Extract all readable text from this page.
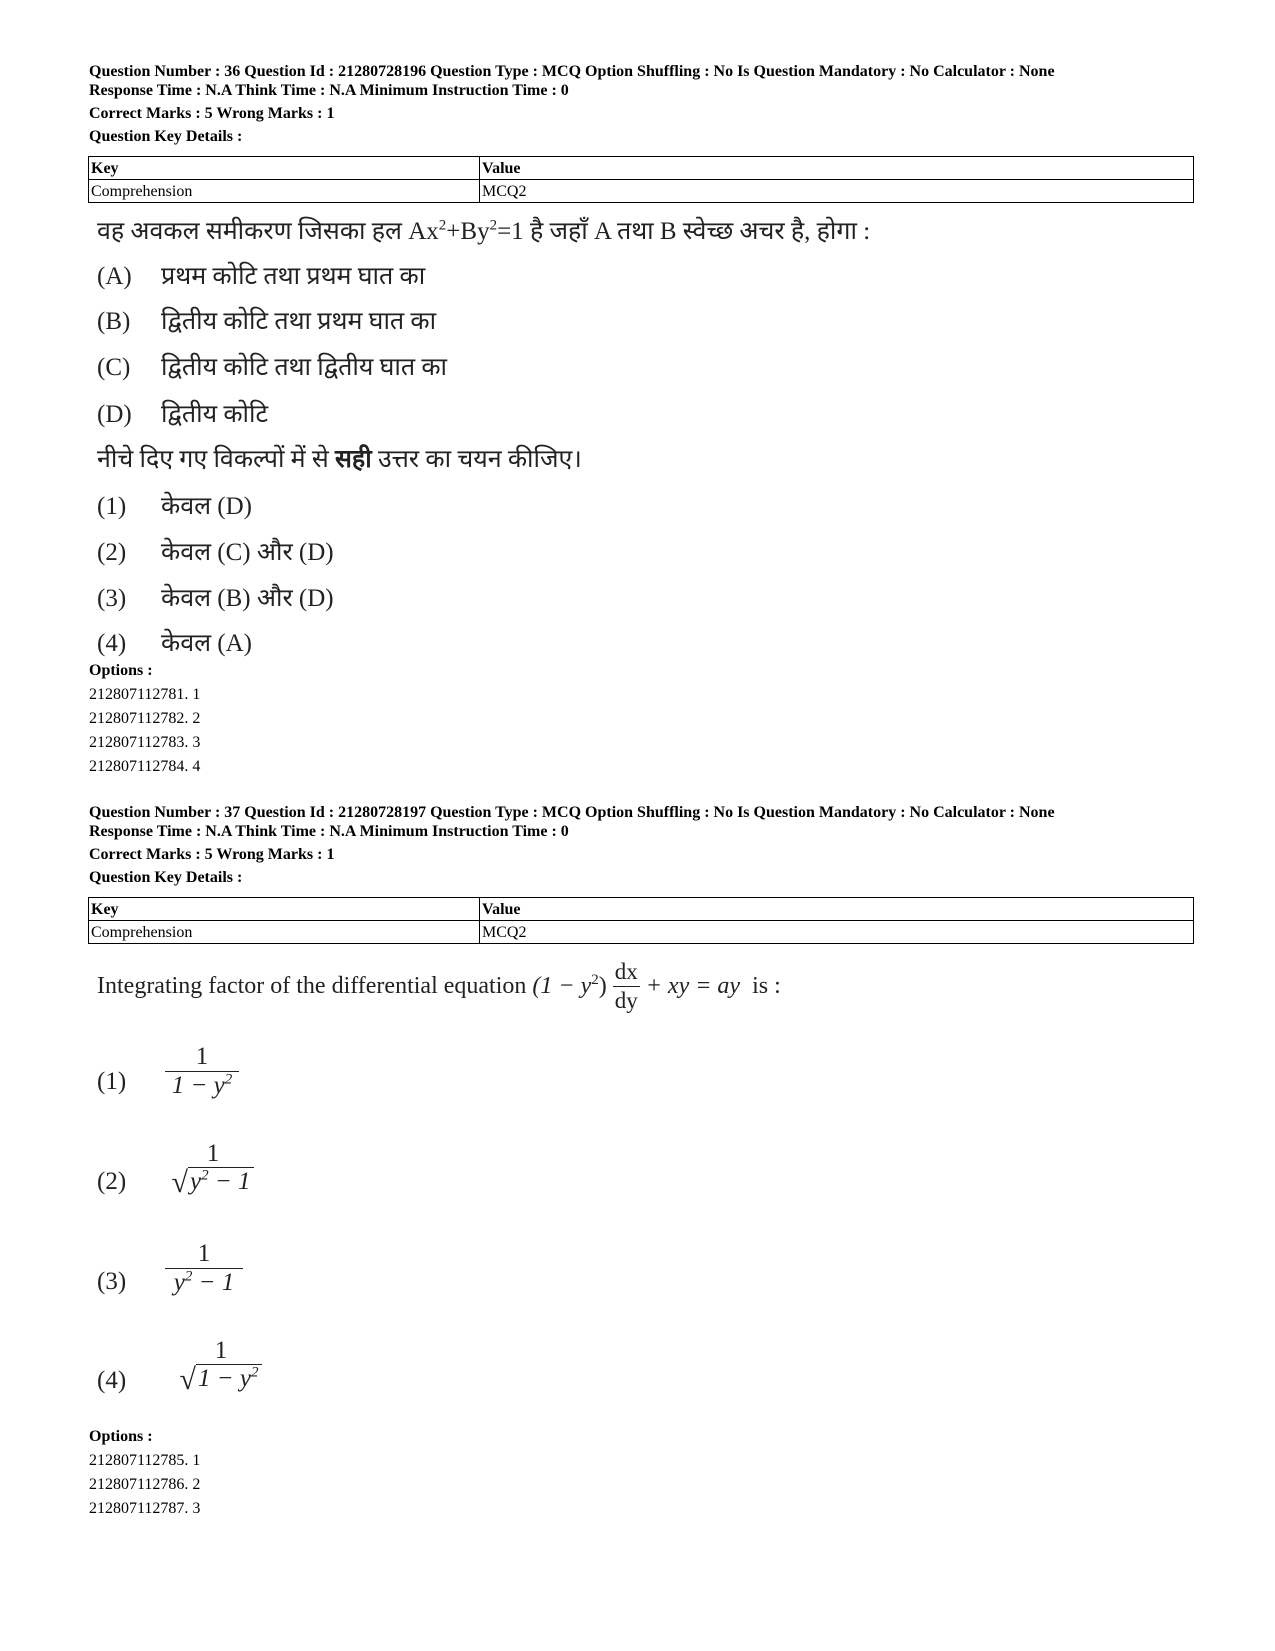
Question Number : 36 Question Id : 21280728196 Question Type : MCQ Option Shuffling : No Is Question Mandatory : No Calculator : None
Response Time : N.A Think Time : N.A Minimum Instruction Time : 0
Correct Marks : 5 Wrong Marks : 1
Question Key Details :
Key	Value
Comprehension	MCQ2
वह अवकल समीकरण जिसका हल $Ax^2+By^2=1$ है जहाँ A तथा B स्वेच्छ अचर है, होगा :
(A) प्रथम कोटि तथा प्रथम घात का
(B) द्वितीय कोटि तथा प्रथम घात का
(C) द्वितीय कोटि तथा द्वितीय घात का
(D) द्वितीय कोटि
नीचे दिए गए विकल्पों में से सही उत्तर का चयन कीजिए।
(1) केवल (D)
(2) केवल (C) और (D)
(3) केवल (B) और (D)
(4) केवल (A)
Options :
212807112781. 1
212807112782. 2
212807112783. 3
212807112784. 4
Question Number : 37 Question Id : 21280728197 Question Type : MCQ Option Shuffling : No Is Question Mandatory : No Calculator : None
Response Time : N.A Think Time : N.A Minimum Instruction Time : 0
Correct Marks : 5 Wrong Marks : 1
Question Key Details :
Key	Value
Comprehension	MCQ2
Integrating factor of the differential equation $(1 - y^2) \frac{dx}{dy}$ + xy = ay is :
(1)
1
$1 - y^2$
(2)
1
$√y^2 - 1$
(3)
1
$y^2 - 1$
(4)
1
$√1 - y^2$
Options :
212807112785. 1
212807112786. 2
212807112787. 3
